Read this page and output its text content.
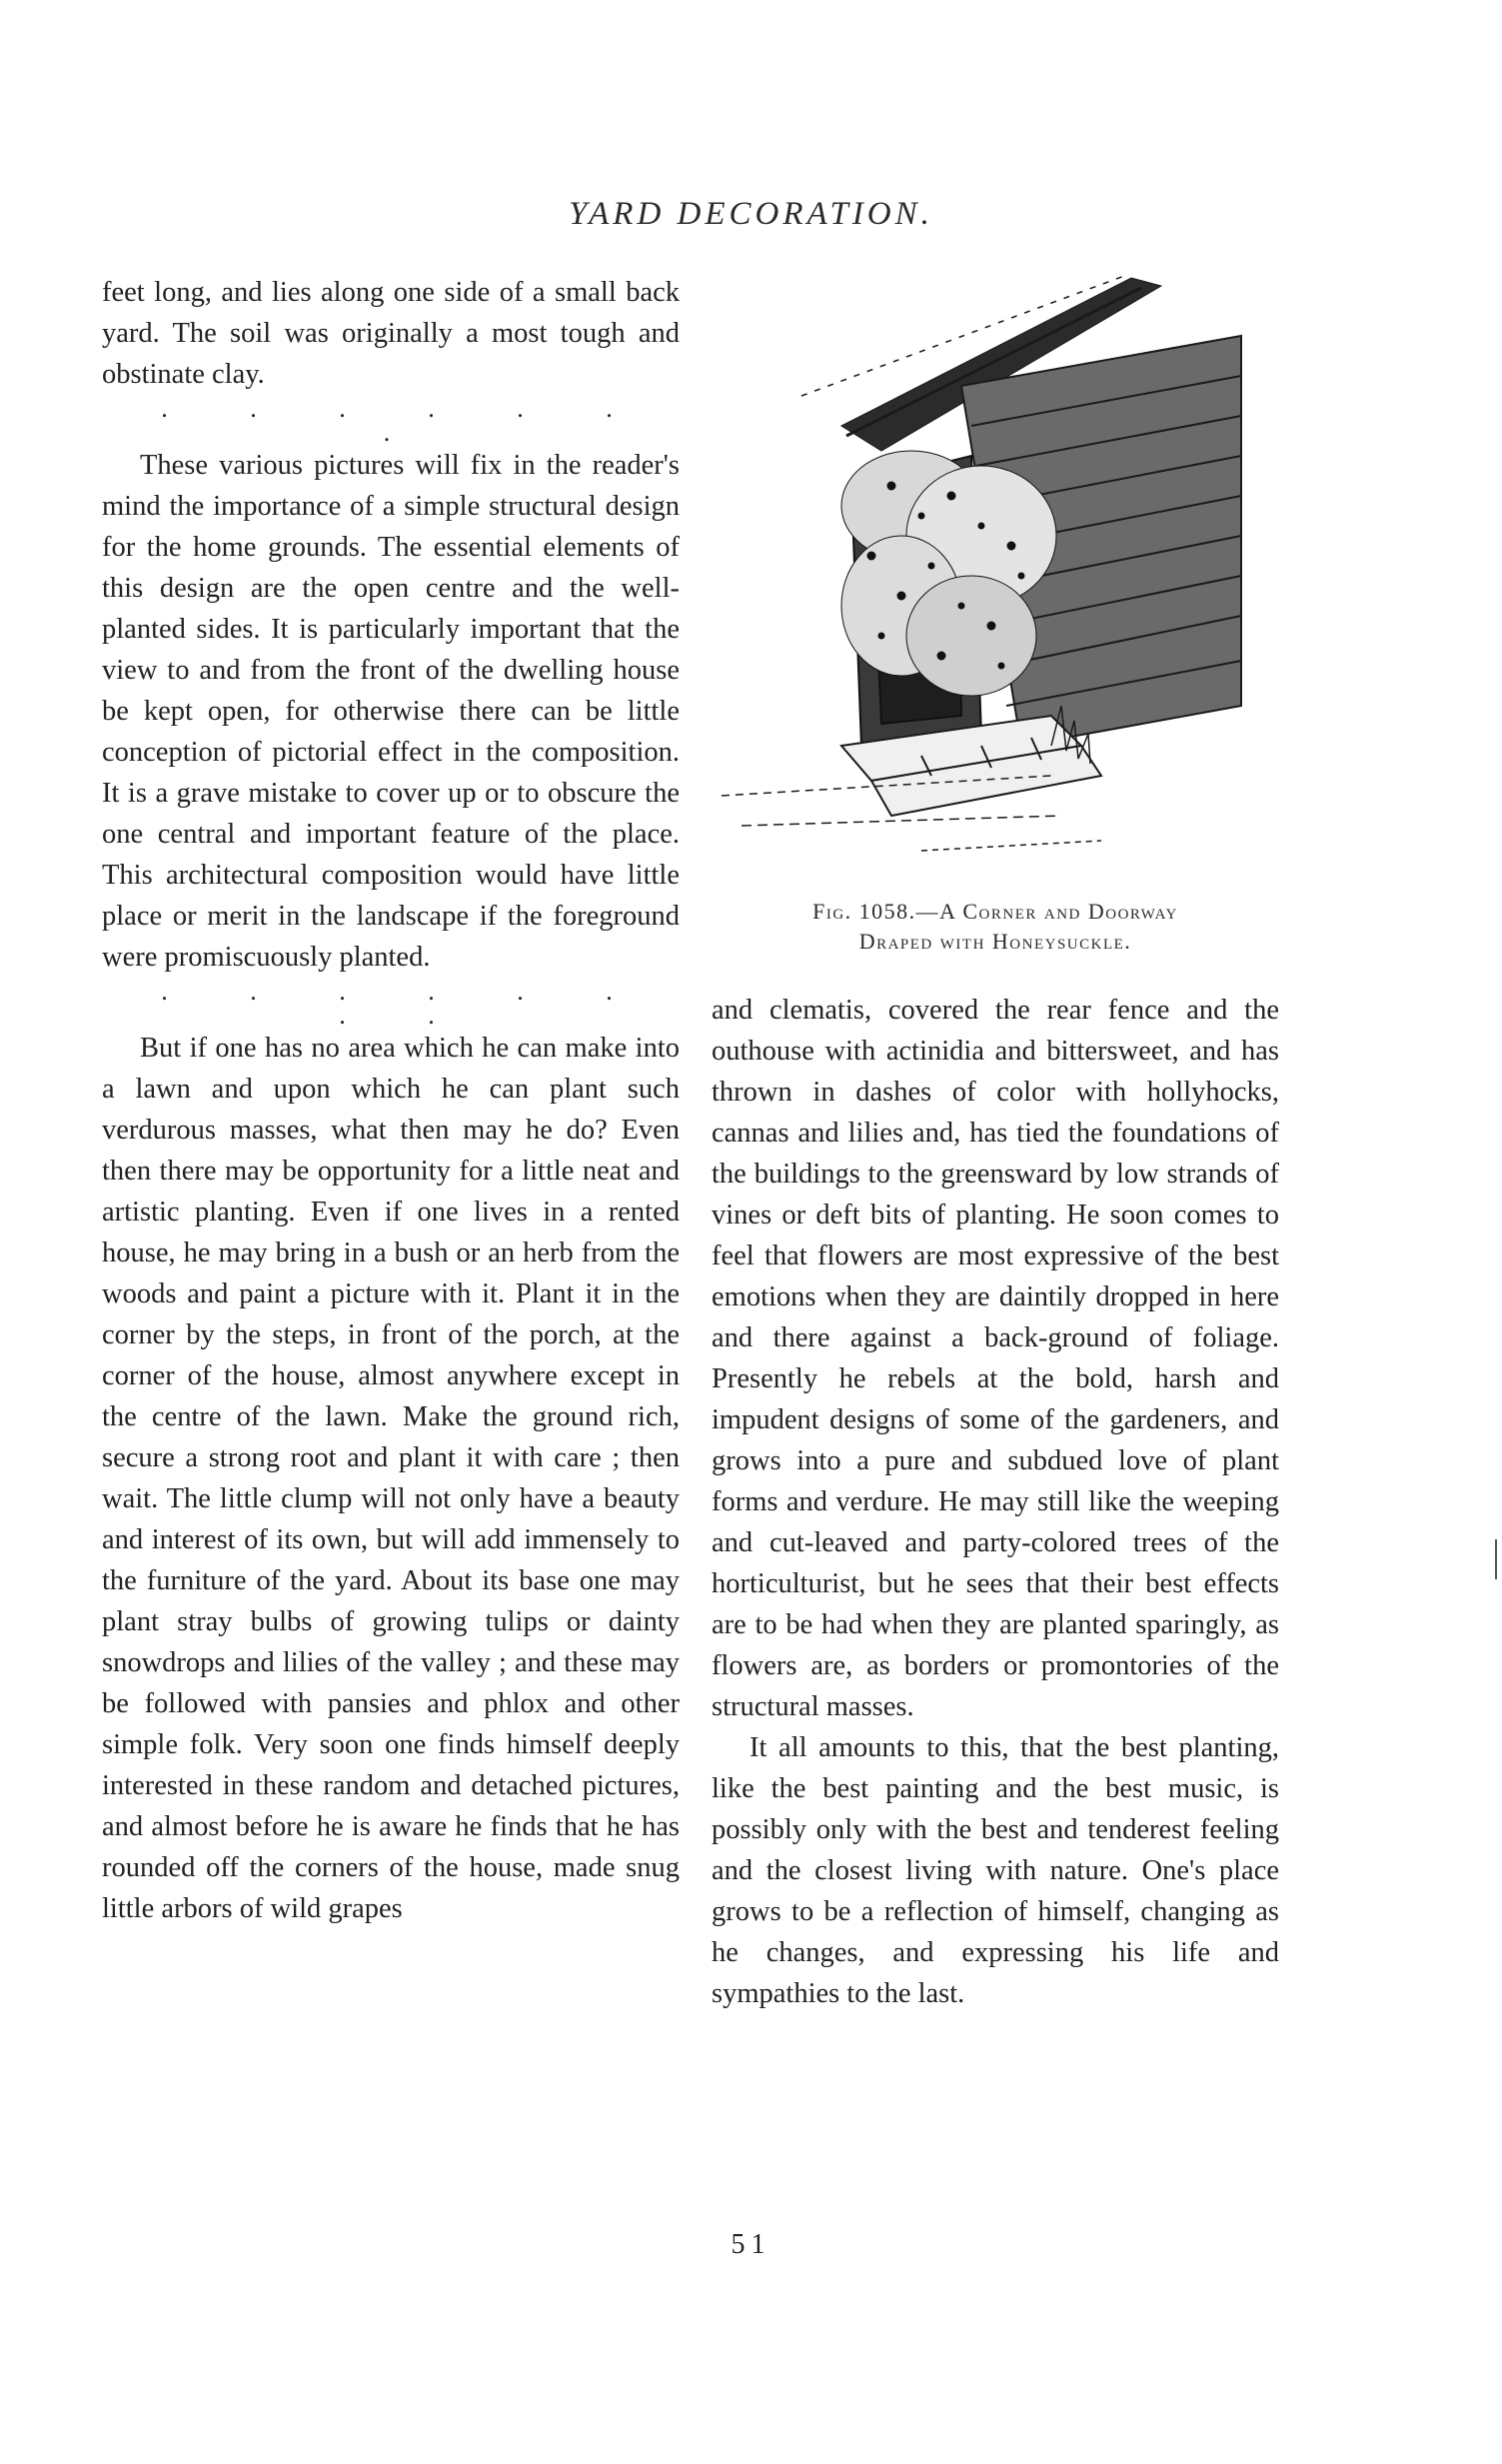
YARD DECORATION.

feet long, and lies along one side of a small back yard. The soil was originally a most tough and obstinate clay.

. . . . . . .

These various pictures will fix in the reader's mind the importance of a simple structural design for the home grounds. The essential elements of this design are the open centre and the well-planted sides. It is particularly important that the view to and from the front of the dwelling house be kept open, for otherwise there can be little conception of pictorial effect in the composition. It is a grave mistake to cover up or to obscure the one central and important feature of the place. This architectural composition would have little place or merit in the landscape if the foreground were promiscuously planted.

. . . . . . . .

But if one has no area which he can make into a lawn and upon which he can plant such verdurous masses, what then may he do? Even then there may be opportunity for a little neat and artistic planting. Even if one lives in a rented house, he may bring in a bush or an herb from the woods and paint a picture with it. Plant it in the corner by the steps, in front of the porch, at the corner of the house, almost anywhere except in the centre of the lawn. Make the ground rich, secure a strong root and plant it with care ; then wait. The little clump will not only have a beauty and interest of its own, but will add immensely to the furniture of the yard. About its base one may plant stray bulbs of growing tulips or dainty snowdrops and lilies of the valley ; and these may be followed with pansies and phlox and other simple folk. Very soon one finds himself deeply interested in these random and detached pictures, and almost before he is aware he finds that he has rounded off the corners of the house, made snug little arbors of wild grapes

Fig. 1058.—A Corner and Doorway
Draped with Honeysuckle.

and clematis, covered the rear fence and the outhouse with actinidia and bittersweet, and has thrown in dashes of color with hollyhocks, cannas and lilies and, has tied the foundations of the buildings to the greensward by low strands of vines or deft bits of planting. He soon comes to feel that flowers are most expressive of the best emotions when they are daintily dropped in here and there against a back-ground of foliage. Presently he rebels at the bold, harsh and impudent designs of some of the gardeners, and grows into a pure and subdued love of plant forms and verdure. He may still like the weeping and cut-leaved and party-colored trees of the horticulturist, but he sees that their best effects are to be had when they are planted sparingly, as flowers are, as borders or promontories of the structural masses.

It all amounts to this, that the best planting, like the best painting and the best music, is possibly only with the best and tenderest feeling and the closest living with nature. One's place grows to be a reflection of himself, changing as he changes, and expressing his life and sympathies to the last.

51
